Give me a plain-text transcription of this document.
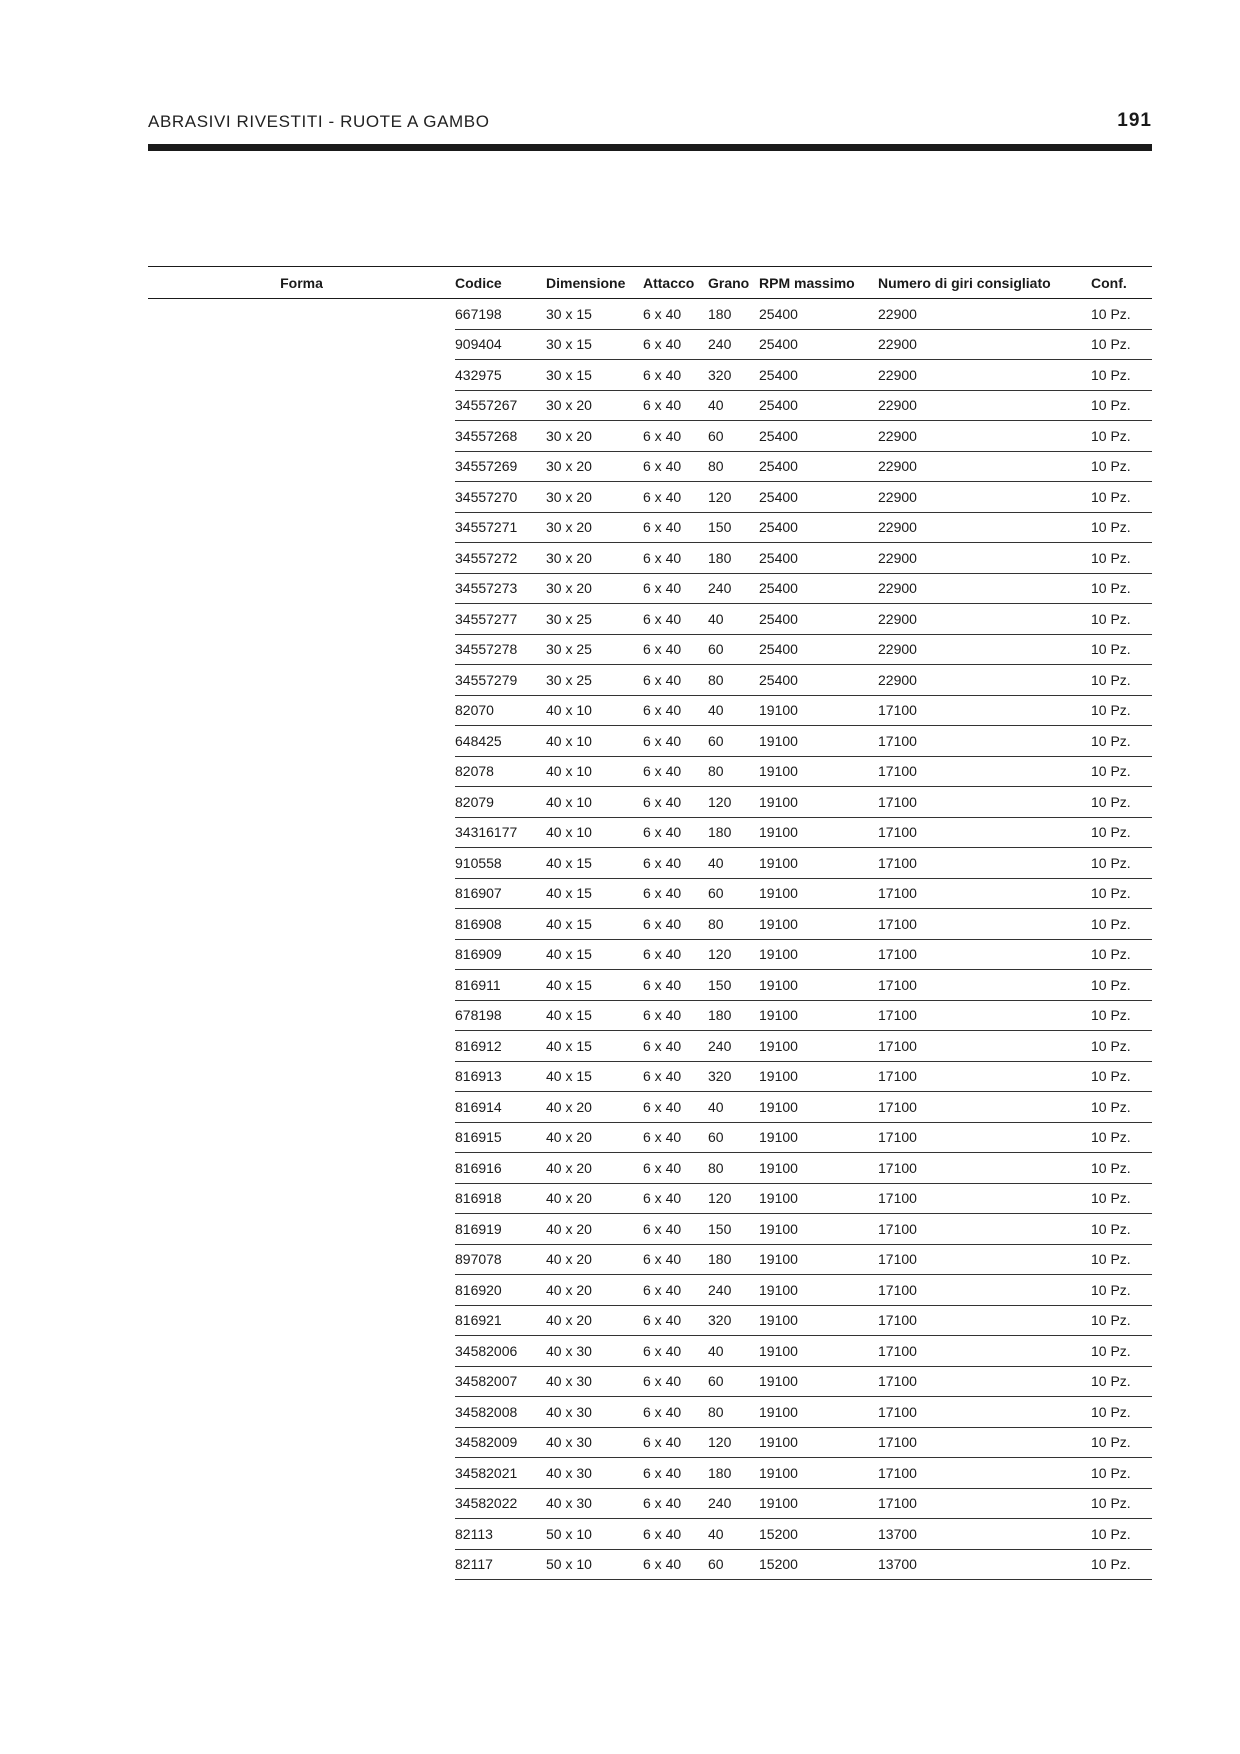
ABRASIVI RIVESTITI - RUOTE A GAMBO	191
Forma	Codice	Dimensione	Attacco	Grano	RPM massimo	Numero di giri consigliato	Conf.
	667198	30 x 15	6 x 40	180	25400	22900	10 Pz.
	909404	30 x 15	6 x 40	240	25400	22900	10 Pz.
	432975	30 x 15	6 x 40	320	25400	22900	10 Pz.
	34557267	30 x 20	6 x 40	40	25400	22900	10 Pz.
	34557268	30 x 20	6 x 40	60	25400	22900	10 Pz.
	34557269	30 x 20	6 x 40	80	25400	22900	10 Pz.
	34557270	30 x 20	6 x 40	120	25400	22900	10 Pz.
	34557271	30 x 20	6 x 40	150	25400	22900	10 Pz.
	34557272	30 x 20	6 x 40	180	25400	22900	10 Pz.
	34557273	30 x 20	6 x 40	240	25400	22900	10 Pz.
	34557277	30 x 25	6 x 40	40	25400	22900	10 Pz.
	34557278	30 x 25	6 x 40	60	25400	22900	10 Pz.
	34557279	30 x 25	6 x 40	80	25400	22900	10 Pz.
	82070	40 x 10	6 x 40	40	19100	17100	10 Pz.
	648425	40 x 10	6 x 40	60	19100	17100	10 Pz.
	82078	40 x 10	6 x 40	80	19100	17100	10 Pz.
	82079	40 x 10	6 x 40	120	19100	17100	10 Pz.
	34316177	40 x 10	6 x 40	180	19100	17100	10 Pz.
	910558	40 x 15	6 x 40	40	19100	17100	10 Pz.
	816907	40 x 15	6 x 40	60	19100	17100	10 Pz.
	816908	40 x 15	6 x 40	80	19100	17100	10 Pz.
	816909	40 x 15	6 x 40	120	19100	17100	10 Pz.
	816911	40 x 15	6 x 40	150	19100	17100	10 Pz.
	678198	40 x 15	6 x 40	180	19100	17100	10 Pz.
	816912	40 x 15	6 x 40	240	19100	17100	10 Pz.
	816913	40 x 15	6 x 40	320	19100	17100	10 Pz.
	816914	40 x 20	6 x 40	40	19100	17100	10 Pz.
	816915	40 x 20	6 x 40	60	19100	17100	10 Pz.
	816916	40 x 20	6 x 40	80	19100	17100	10 Pz.
	816918	40 x 20	6 x 40	120	19100	17100	10 Pz.
	816919	40 x 20	6 x 40	150	19100	17100	10 Pz.
	897078	40 x 20	6 x 40	180	19100	17100	10 Pz.
	816920	40 x 20	6 x 40	240	19100	17100	10 Pz.
	816921	40 x 20	6 x 40	320	19100	17100	10 Pz.
	34582006	40 x 30	6 x 40	40	19100	17100	10 Pz.
	34582007	40 x 30	6 x 40	60	19100	17100	10 Pz.
	34582008	40 x 30	6 x 40	80	19100	17100	10 Pz.
	34582009	40 x 30	6 x 40	120	19100	17100	10 Pz.
	34582021	40 x 30	6 x 40	180	19100	17100	10 Pz.
	34582022	40 x 30	6 x 40	240	19100	17100	10 Pz.
	82113	50 x 10	6 x 40	40	15200	13700	10 Pz.
	82117	50 x 10	6 x 40	60	15200	13700	10 Pz.
